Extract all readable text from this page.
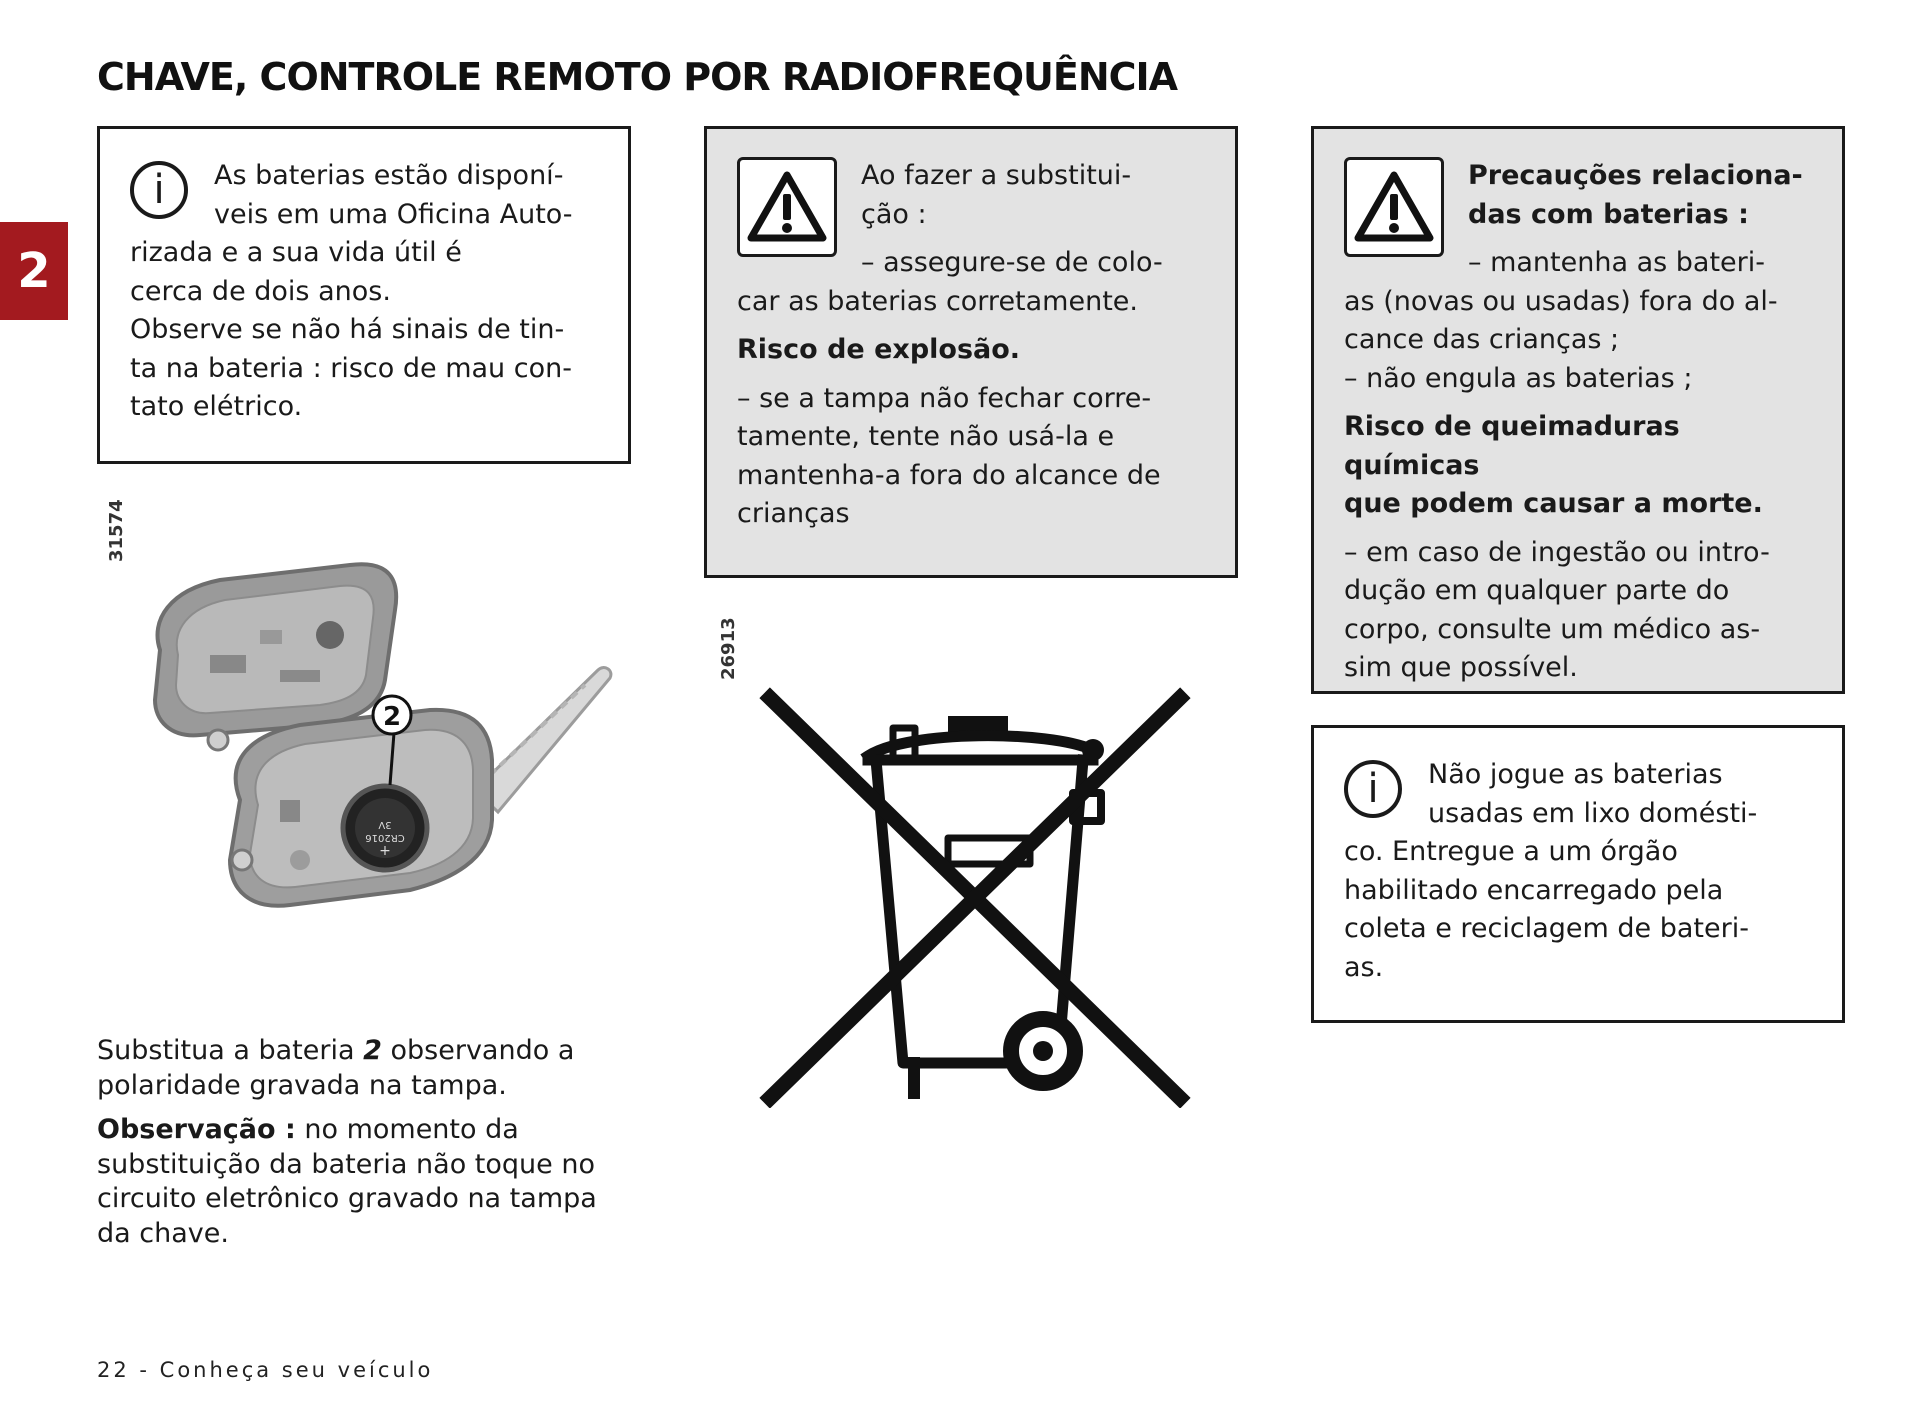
CHAVE, CONTROLE REMOTO POR RADIOFREQUÊNCIA
2
i	As baterias estão disponí-
veis em uma Oficina Auto-
rizada e a sua vida útil é
cerca de dois anos.
Observe se não há sinais de tin-
ta na bateria : risco de mau con-
tato elétrico.

Ao fazer a substitui-
ção :

– assegure-se de colo-
car as baterias corretamente.

Risco de explosão.

– se a tampa não fechar corre-
tamente, tente não usá-la e
mantenha-a fora do alcance de
crianças

Precauções relaciona-
das com baterias :

– mantenha as bateri-
as (novas ou usadas) fora do al-
cance das crianças ;
– não engula as baterias ;

Risco de queimaduras químicas
que podem causar a morte.

– em caso de ingestão ou intro-
dução em qualquer parte do
corpo, consulte um médico as-
sim que possível.

i	Não jogue as baterias
usadas em lixo domésti-
co. Entregue a um órgão
habilitado encarregado pela
coleta e reciclagem de bateri-
as.

31574
3V
CR2016
+
2
26913

Substitua a bateria 2 observando a polaridade gravada na tampa.

Observação : no momento da substituição da bateria não toque no circuito eletrônico gravado na tampa da chave.

22 - Conheça seu veículo
